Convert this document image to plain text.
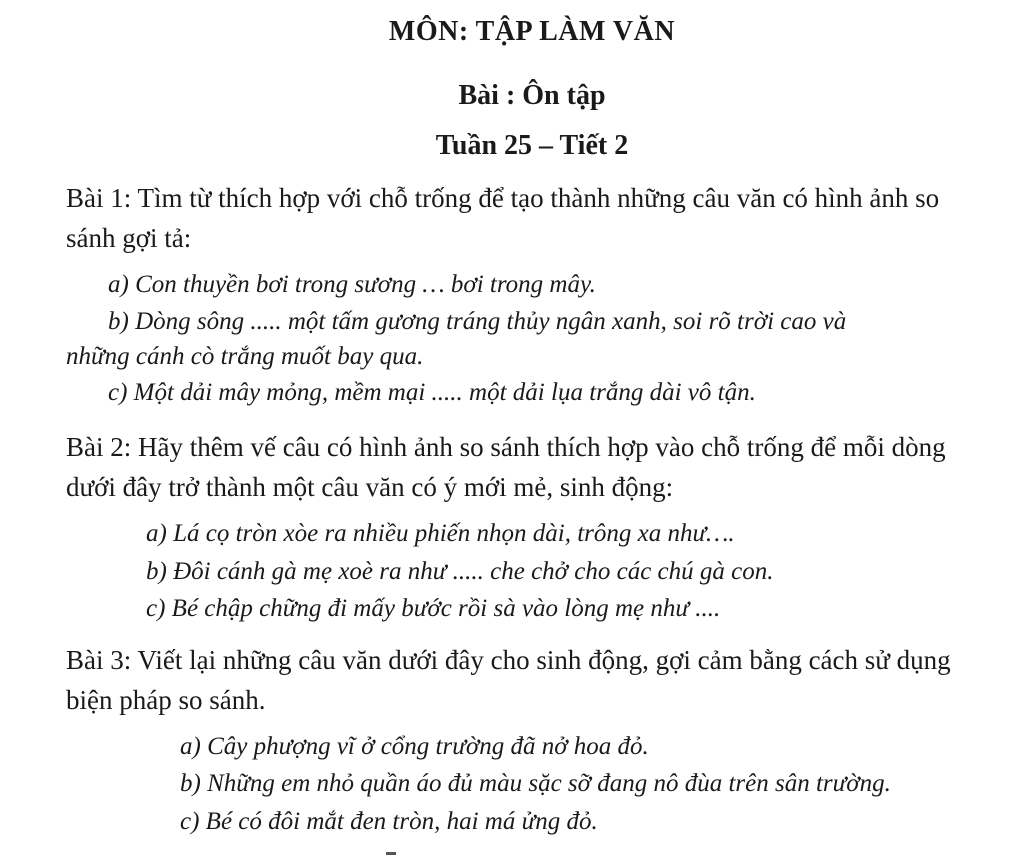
MÔN: TẬP LÀM VĂN
Bài : Ôn tập
Tuần 25 – Tiết 2
Bài 1: Tìm từ thích hợp với chỗ trống để tạo thành những câu văn có hình ảnh so sánh gợi tả:
a) Con thuyền bơi trong sương … bơi trong mây.
b) Dòng sông ..... một tấm gương tráng thủy ngân xanh, soi rõ trời cao và
những cánh cò trắng muốt bay qua.
c) Một dải mây mỏng, mềm mại ..... một dải lụa trắng dài vô tận.
Bài 2: Hãy thêm vế câu có hình ảnh so sánh thích hợp vào chỗ trống để mỗi dòng dưới đây trở thành một câu văn có ý mới mẻ, sinh động:
a) Lá cọ tròn xòe ra nhiều phiến nhọn dài, trông xa như….
b) Đôi cánh gà mẹ xoè ra như ..... che chở cho các chú gà con.
c) Bé chập chững đi mấy bước rồi sà vào lòng mẹ như ....
Bài 3: Viết lại những câu văn dưới đây cho sinh động, gợi cảm bằng cách sử dụng biện pháp so sánh.
a) Cây phượng vĩ ở cổng trường đã nở hoa đỏ.
b) Những em nhỏ quần áo đủ màu sặc sỡ đang nô đùa trên sân trường.
c) Bé có đôi mắt đen tròn, hai má ửng đỏ.
